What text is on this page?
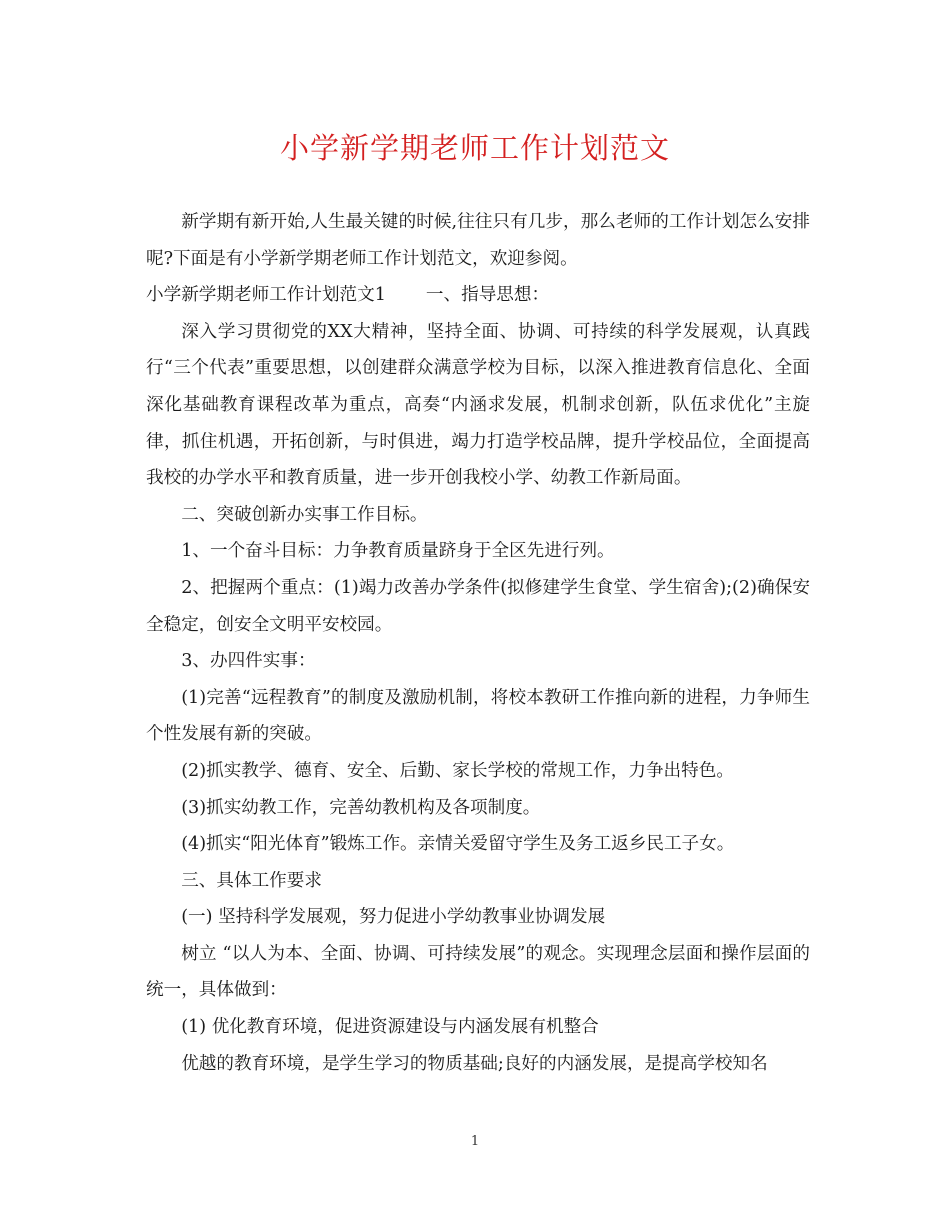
小学新学期老师工作计划范文

新学期有新开始,人生最关键的时候,往往只有几步，那么老师的工作计划怎么安排呢?下面是有小学新学期老师工作计划范文，欢迎参阅。

小学新学期老师工作计划范文1 一、指导思想：

深入学习贯彻党的XX大精神，坚持全面、协调、可持续的科学发展观，认真践行“三个代表”重要思想，以创建群众满意学校为目标，以深入推进教育信息化、全面深化基础教育课程改革为重点，高奏“内涵求发展，机制求创新，队伍求优化”主旋律，抓住机遇，开拓创新，与时俱进，竭力打造学校品牌，提升学校品位，全面提高我校的办学水平和教育质量，进一步开创我校小学、幼教工作新局面。

二、突破创新办实事工作目标。

1、一个奋斗目标：力争教育质量跻身于全区先进行列。

2、把握两个重点：(1)竭力改善办学条件(拟修建学生食堂、学生宿舍);(2)确保安全稳定，创安全文明平安校园。

3、办四件实事：

(1)完善“远程教育”的制度及激励机制，将校本教研工作推向新的进程，力争师生个性发展有新的突破。

(2)抓实教学、德育、安全、后勤、家长学校的常规工作，力争出特色。

(3)抓实幼教工作，完善幼教机构及各项制度。

(4)抓实“阳光体育”锻炼工作。亲情关爱留守学生及务工返乡民工子女。

三、具体工作要求

(一) 坚持科学发展观，努力促进小学幼教事业协调发展

树立 “以人为本、全面、协调、可持续发展”的观念。实现理念层面和操作层面的统一，具体做到：

(1) 优化教育环境，促进资源建设与内涵发展有机整合

优越的教育环境，是学生学习的物质基础;良好的内涵发展，是提高学校知名

1
